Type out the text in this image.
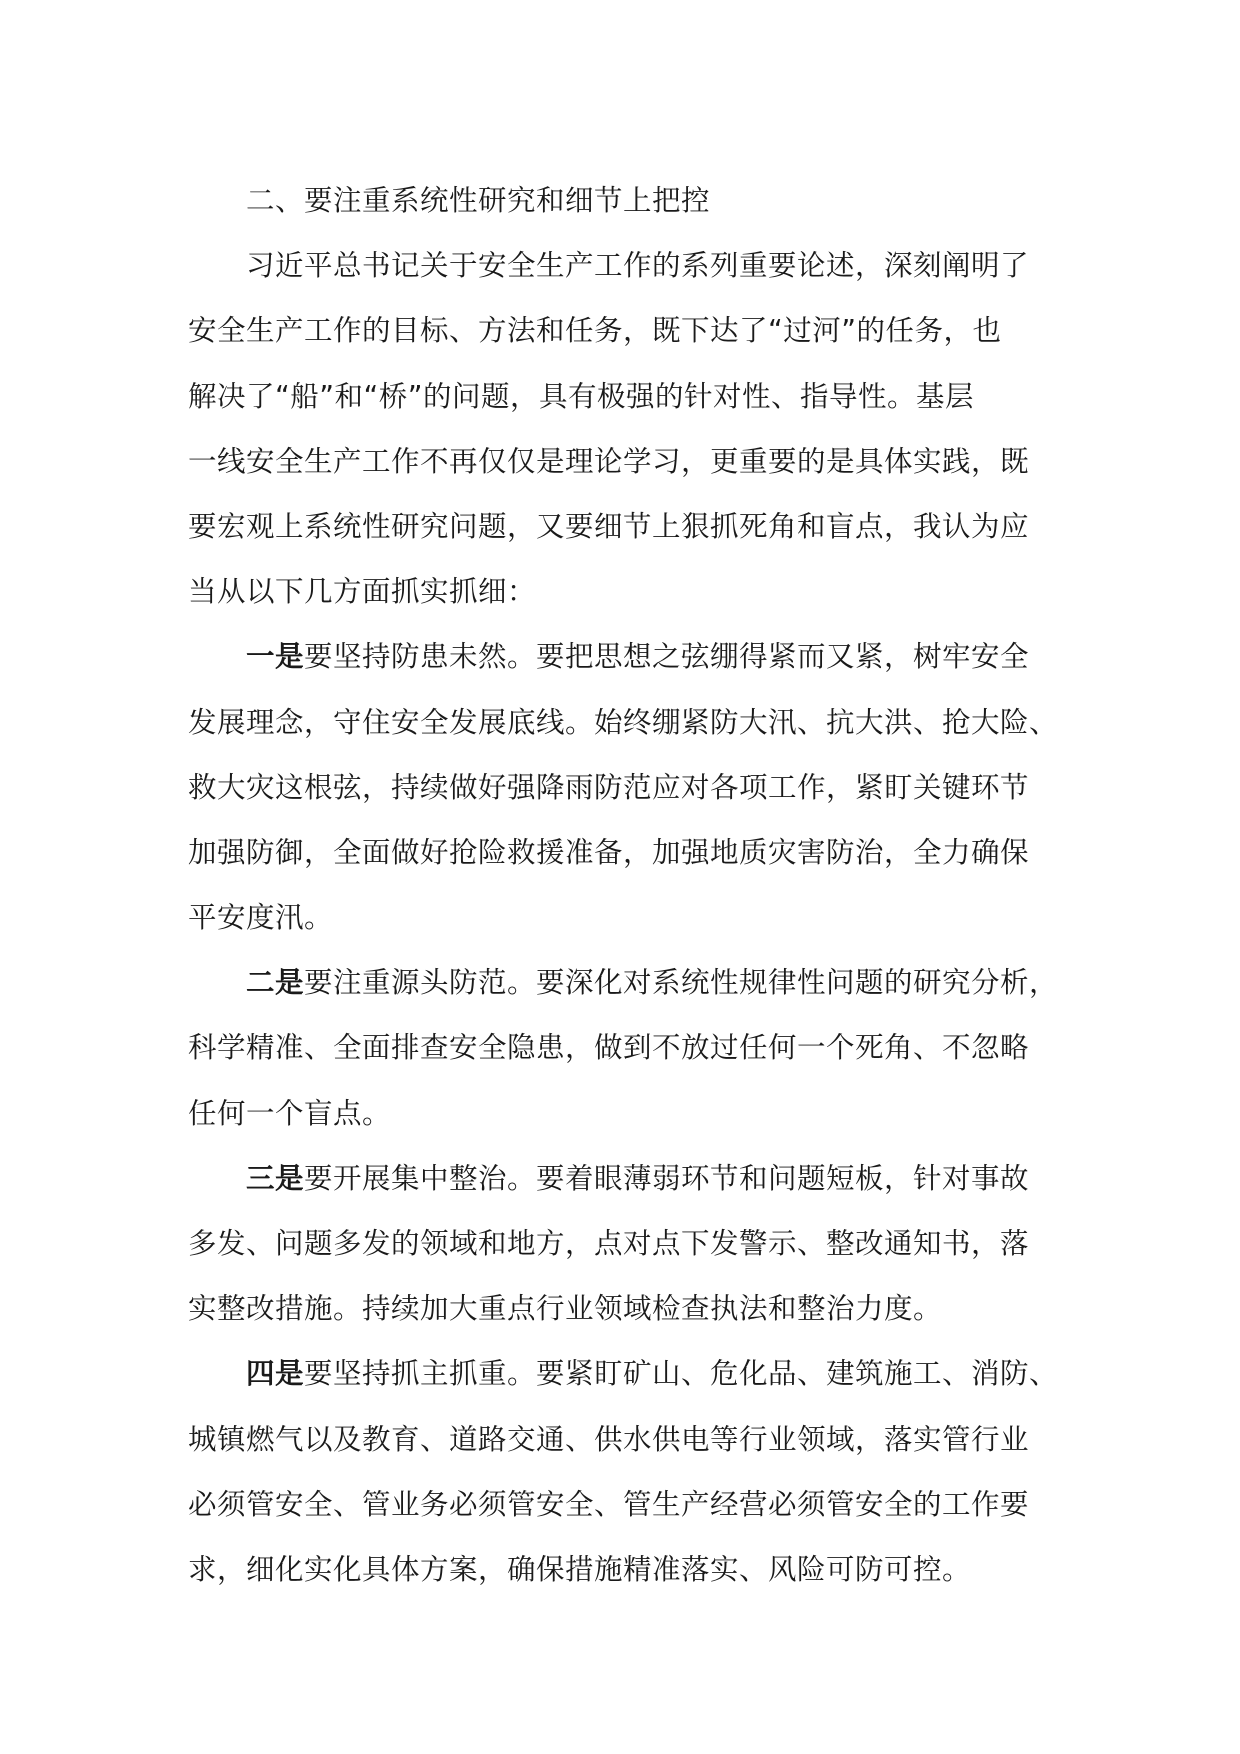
二、要注重系统性研究和细节上把控
习近平总书记关于安全生产工作的系列重要论述，深刻阐明了
安全生产工作的目标、方法和任务，既下达了“过河”的任务，也
解决了“船”和“桥”的问题，具有极强的针对性、指导性。基层
一线安全生产工作不再仅仅是理论学习，更重要的是具体实践，既
要宏观上系统性研究问题，又要细节上狠抓死角和盲点，我认为应
当从以下几方面抓实抓细：
一是要坚持防患未然。要把思想之弦绷得紧而又紧，树牢安全
发展理念，守住安全发展底线。始终绷紧防大汛、抗大洪、抢大险、
救大灾这根弦，持续做好强降雨防范应对各项工作，紧盯关键环节
加强防御，全面做好抢险救援准备，加强地质灾害防治，全力确保
平安度汛。
二是要注重源头防范。要深化对系统性规律性问题的研究分析，
科学精准、全面排查安全隐患，做到不放过任何一个死角、不忽略
任何一个盲点。
三是要开展集中整治。要着眼薄弱环节和问题短板，针对事故
多发、问题多发的领域和地方，点对点下发警示、整改通知书，落
实整改措施。持续加大重点行业领域检查执法和整治力度。
四是要坚持抓主抓重。要紧盯矿山、危化品、建筑施工、消防、
城镇燃气以及教育、道路交通、供水供电等行业领域，落实管行业
必须管安全、管业务必须管安全、管生产经营必须管安全的工作要
求，细化实化具体方案，确保措施精准落实、风险可防可控。
